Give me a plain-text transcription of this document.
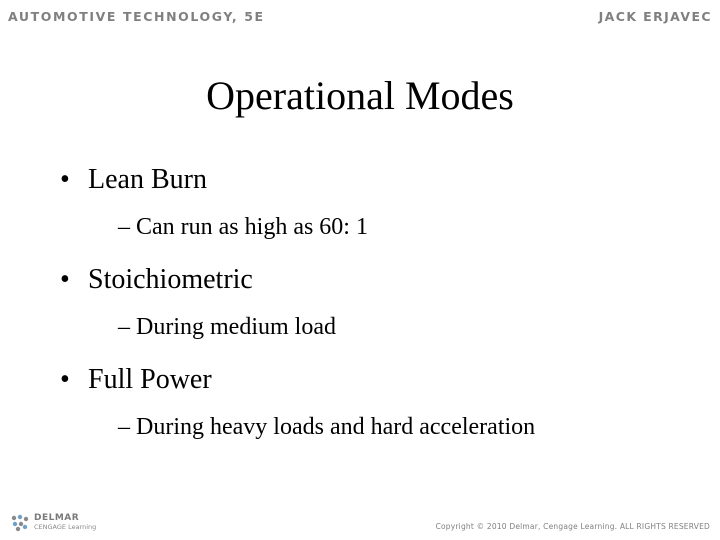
AUTOMOTIVE TECHNOLOGY, 5E	JACK ERJAVEC
Operational Modes
• Lean Burn
– Can run as high as 60: 1
• Stoichiometric
– During medium load
• Full Power
– During heavy loads and hard acceleration
DELMAR
CENGAGE Learning	Copyright © 2010 Delmar, Cengage Learning. ALL RIGHTS RESERVED
